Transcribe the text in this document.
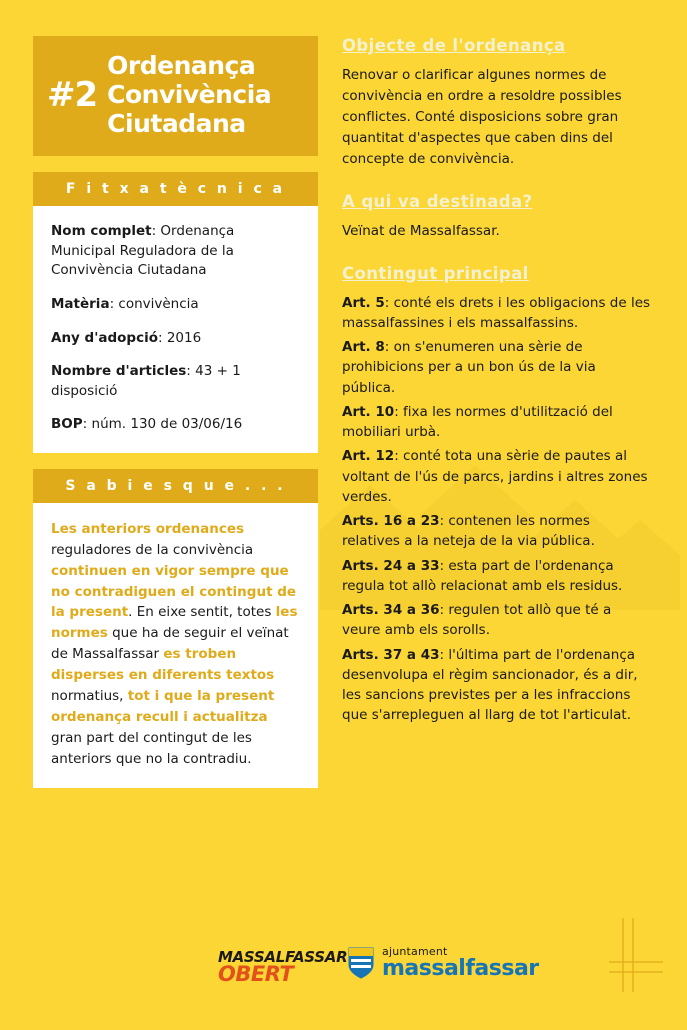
#2
Ordenança Convivència Ciutadana
F i t x a t è c n i c a
Nom complet: Ordenança Municipal Reguladora de la Convivència Ciutadana
Matèria: convivència
Any d'adopció: 2016
Nombre d'articles: 43 + 1 disposició
BOP: núm. 130 de 03/06/16
S a b i e s q u e . . .
Les anteriors ordenances reguladores de la convivència continuen en vigor sempre que no contradiguen el contingut de la present. En eixe sentit, totes les normes que ha de seguir el veïnat de Massalfassar es troben disperses en diferents textos normatius, tot i que la present ordenança recull i actualitza gran part del contingut de les anteriors que no la contradiu.
Objecte de l'ordenança
Renovar o clarificar algunes normes de convivència en ordre a resoldre possibles conflictes. Conté disposicions sobre gran quantitat d'aspectes que caben dins del concepte de convivència.
A qui va destinada?
Veïnat de Massalfassar.
Contingut principal
Art. 5: conté els drets i les obligacions de les massalfassines i els massalfassins.
Art. 8: on s'enumeren una sèrie de prohibicions per a un bon ús de la via pública.
Art. 10: fixa les normes d'utilització del mobiliari urbà.
Art. 12: conté tota una sèrie de pautes al voltant de l'ús de parcs, jardins i altres zones verdes.
Arts. 16 a 23: contenen les normes relatives a la neteja de la via pública.
Arts. 24 a 33: esta part de l'ordenança regula tot allò relacionat amb els residus.
Arts. 34 a 36: regulen tot allò que té a veure amb els sorolls.
Arts. 37 a 43: l'última part de l'ordenança desenvolupa el règim sancionador, és a dir, les sancions previstes per a les infraccions que s'arrepleguen al llarg de tot l'articulat.
MASSALFASSAR
OBERT
ajuntament
massalfassar
